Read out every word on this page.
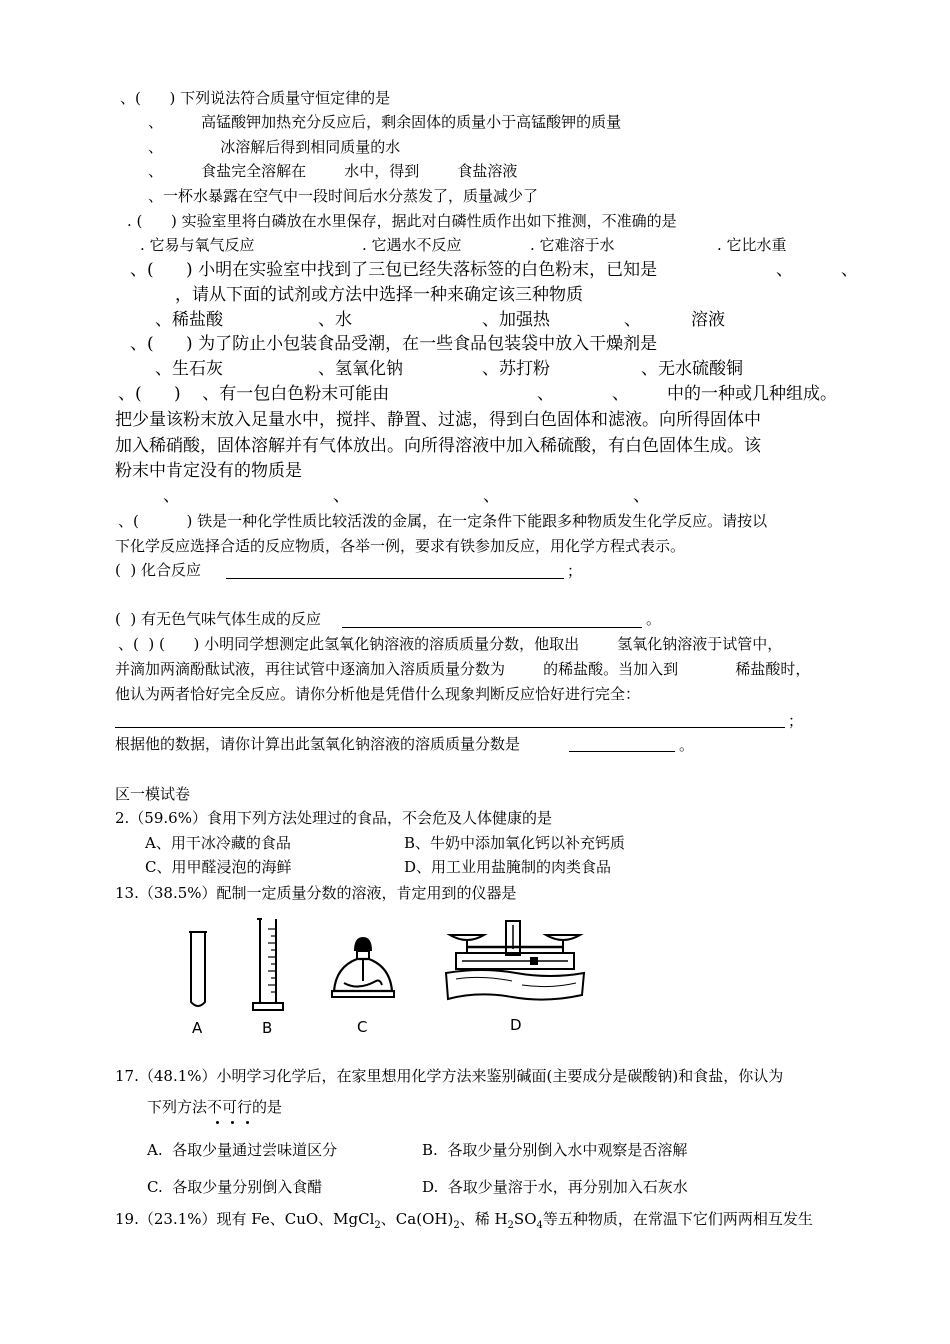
、(      ) 下列说法符合质量守恒定律的是
、        高锰酸钾加热充分反应后，剩余固体的质量小于高锰酸钾的质量
、            冰溶解后得到相同质量的水
、        食盐完全溶解在        水中，得到        食盐溶液
、一杯水暴露在空气中一段时间后水分蒸发了，质量减少了
. (      ) 实验室里将白磷放在水里保存，据此对白磷性质作出如下推测，不准确的是
. 它易与氧气反应	. 它遇水不反应	. 它难溶于水	. 它比水重
、(      ) 小明在实验室中找到了三包已经失落标签的白色粉末，已知是	、	、
，请从下面的试剂或方法中选择一种来确定该三种物质
、稀盐酸	、水	、加强热	、	溶液
、(      ) 为了防止小包装食品受潮，在一些食品包装袋中放入干燥剂是
、生石灰	、氢氧化钠	、苏打粉	、无水硫酸铜
、(      )    、有一包白色粉末可能由	、	、 中的一种或几种组成。
把少量该粉末放入足量水中，搅拌、静置、过滤，得到白色固体和滤液。向所得固体中
加入稀硝酸，固体溶解并有气体放出。向所得溶液中加入稀硫酸，有白色固体生成。该
粉末中肯定没有的物质是
、	、	、	、
、(          ) 铁是一种化学性质比较活泼的金属，在一定条件下能跟多种物质发生化学反应。请按以
下化学反应选择合适的反应物质，各举一例，要求有铁参加反应，用化学方程式表示。
(  ) 化合反应	；
(  ) 有无色气味气体生成的反应	。
、(  ) (      ) 小明同学想测定此氢氧化钠溶液的溶质质量分数，他取出        氢氧化钠溶液于试管中，
并滴加两滴酚酞试液，再往试管中逐滴加入溶质质量分数为        的稀盐酸。当加入到            稀盐酸时，
他认为两者恰好完全反应。请你分析他是凭借什么现象判断反应恰好进行完全：
；
根据他的数据，请你计算出此氢氧化钠溶液的溶质质量分数是	。
区一模试卷
2.（59.6%）食用下列方法处理过的食品，不会危及人体健康的是
A、用干冰冷藏的食品	B、牛奶中添加氧化钙以补充钙质
C、用甲醛浸泡的海鲜	D、用工业用盐腌制的肉类食品
13.（38.5%）配制一定质量分数的溶液，肯定用到的仪器是
A	B	C	D
17.（48.1%）小明学习化学后，在家里想用化学方法来鉴别碱面(主要成分是碳酸钠)和食盐，你认为
下列方法不可行的是
A.  各取少量通过尝味道区分	B.  各取少量分别倒入水中观察是否溶解
C.  各取少量分别倒入食醋	D.  各取少量溶于水，再分别加入石灰水
19.（23.1%）现有 Fe、CuO、MgCl$_2$、$Ca(OH)_2$、稀 $H_2SO_4$等五种物质，在常温下它们两两相互发生
